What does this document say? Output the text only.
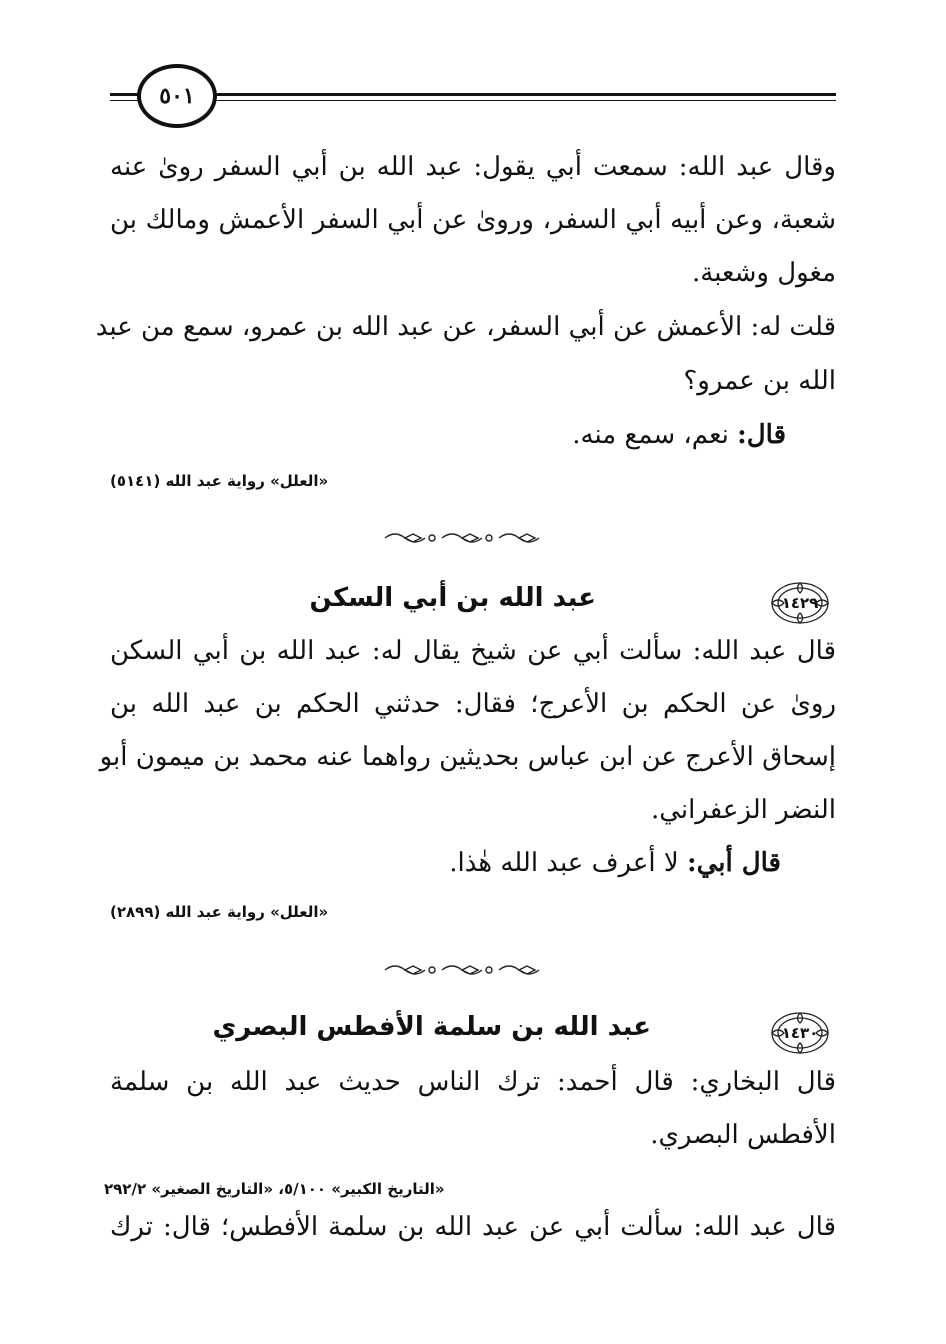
٥٠١
وقال عبد الله: سمعت أبي يقول: عبد الله بن أبي السفر روىٰ عنه
شعبة، وعن أبيه أبي السفر، وروىٰ عن أبي السفر الأعمش ومالك بن
مغول وشعبة.
قلت له: الأعمش عن أبي السفر، عن عبد الله بن عمرو، سمع من عبد
الله بن عمرو؟
قال: نعم، سمع منه.
«العلل» رواية عبد الله (٥١٤١)
عبد الله بن أبي السكن	١٤٢٩
قال عبد الله: سألت أبي عن شيخ يقال له: عبد الله بن أبي السكن
روىٰ عن الحكم بن الأعرج؛ فقال: حدثني الحكم بن عبد الله بن
إسحاق الأعرج عن ابن عباس بحديثين رواهما عنه محمد بن ميمون أبو
النضر الزعفراني.
قال أبي: لا أعرف عبد الله هٰذا.
«العلل» رواية عبد الله (٢٨٩٩)
عبد الله بن سلمة الأفطس البصري	١٤٣٠
قال البخاري: قال أحمد: ترك الناس حديث عبد الله بن سلمة
الأفطس البصري.
«التاريخ الكبير» ٥/١٠٠، «التاريخ الصغير» ٢٩٢/٢
قال عبد الله: سألت أبي عن عبد الله بن سلمة الأفطس؛ قال: ترك
